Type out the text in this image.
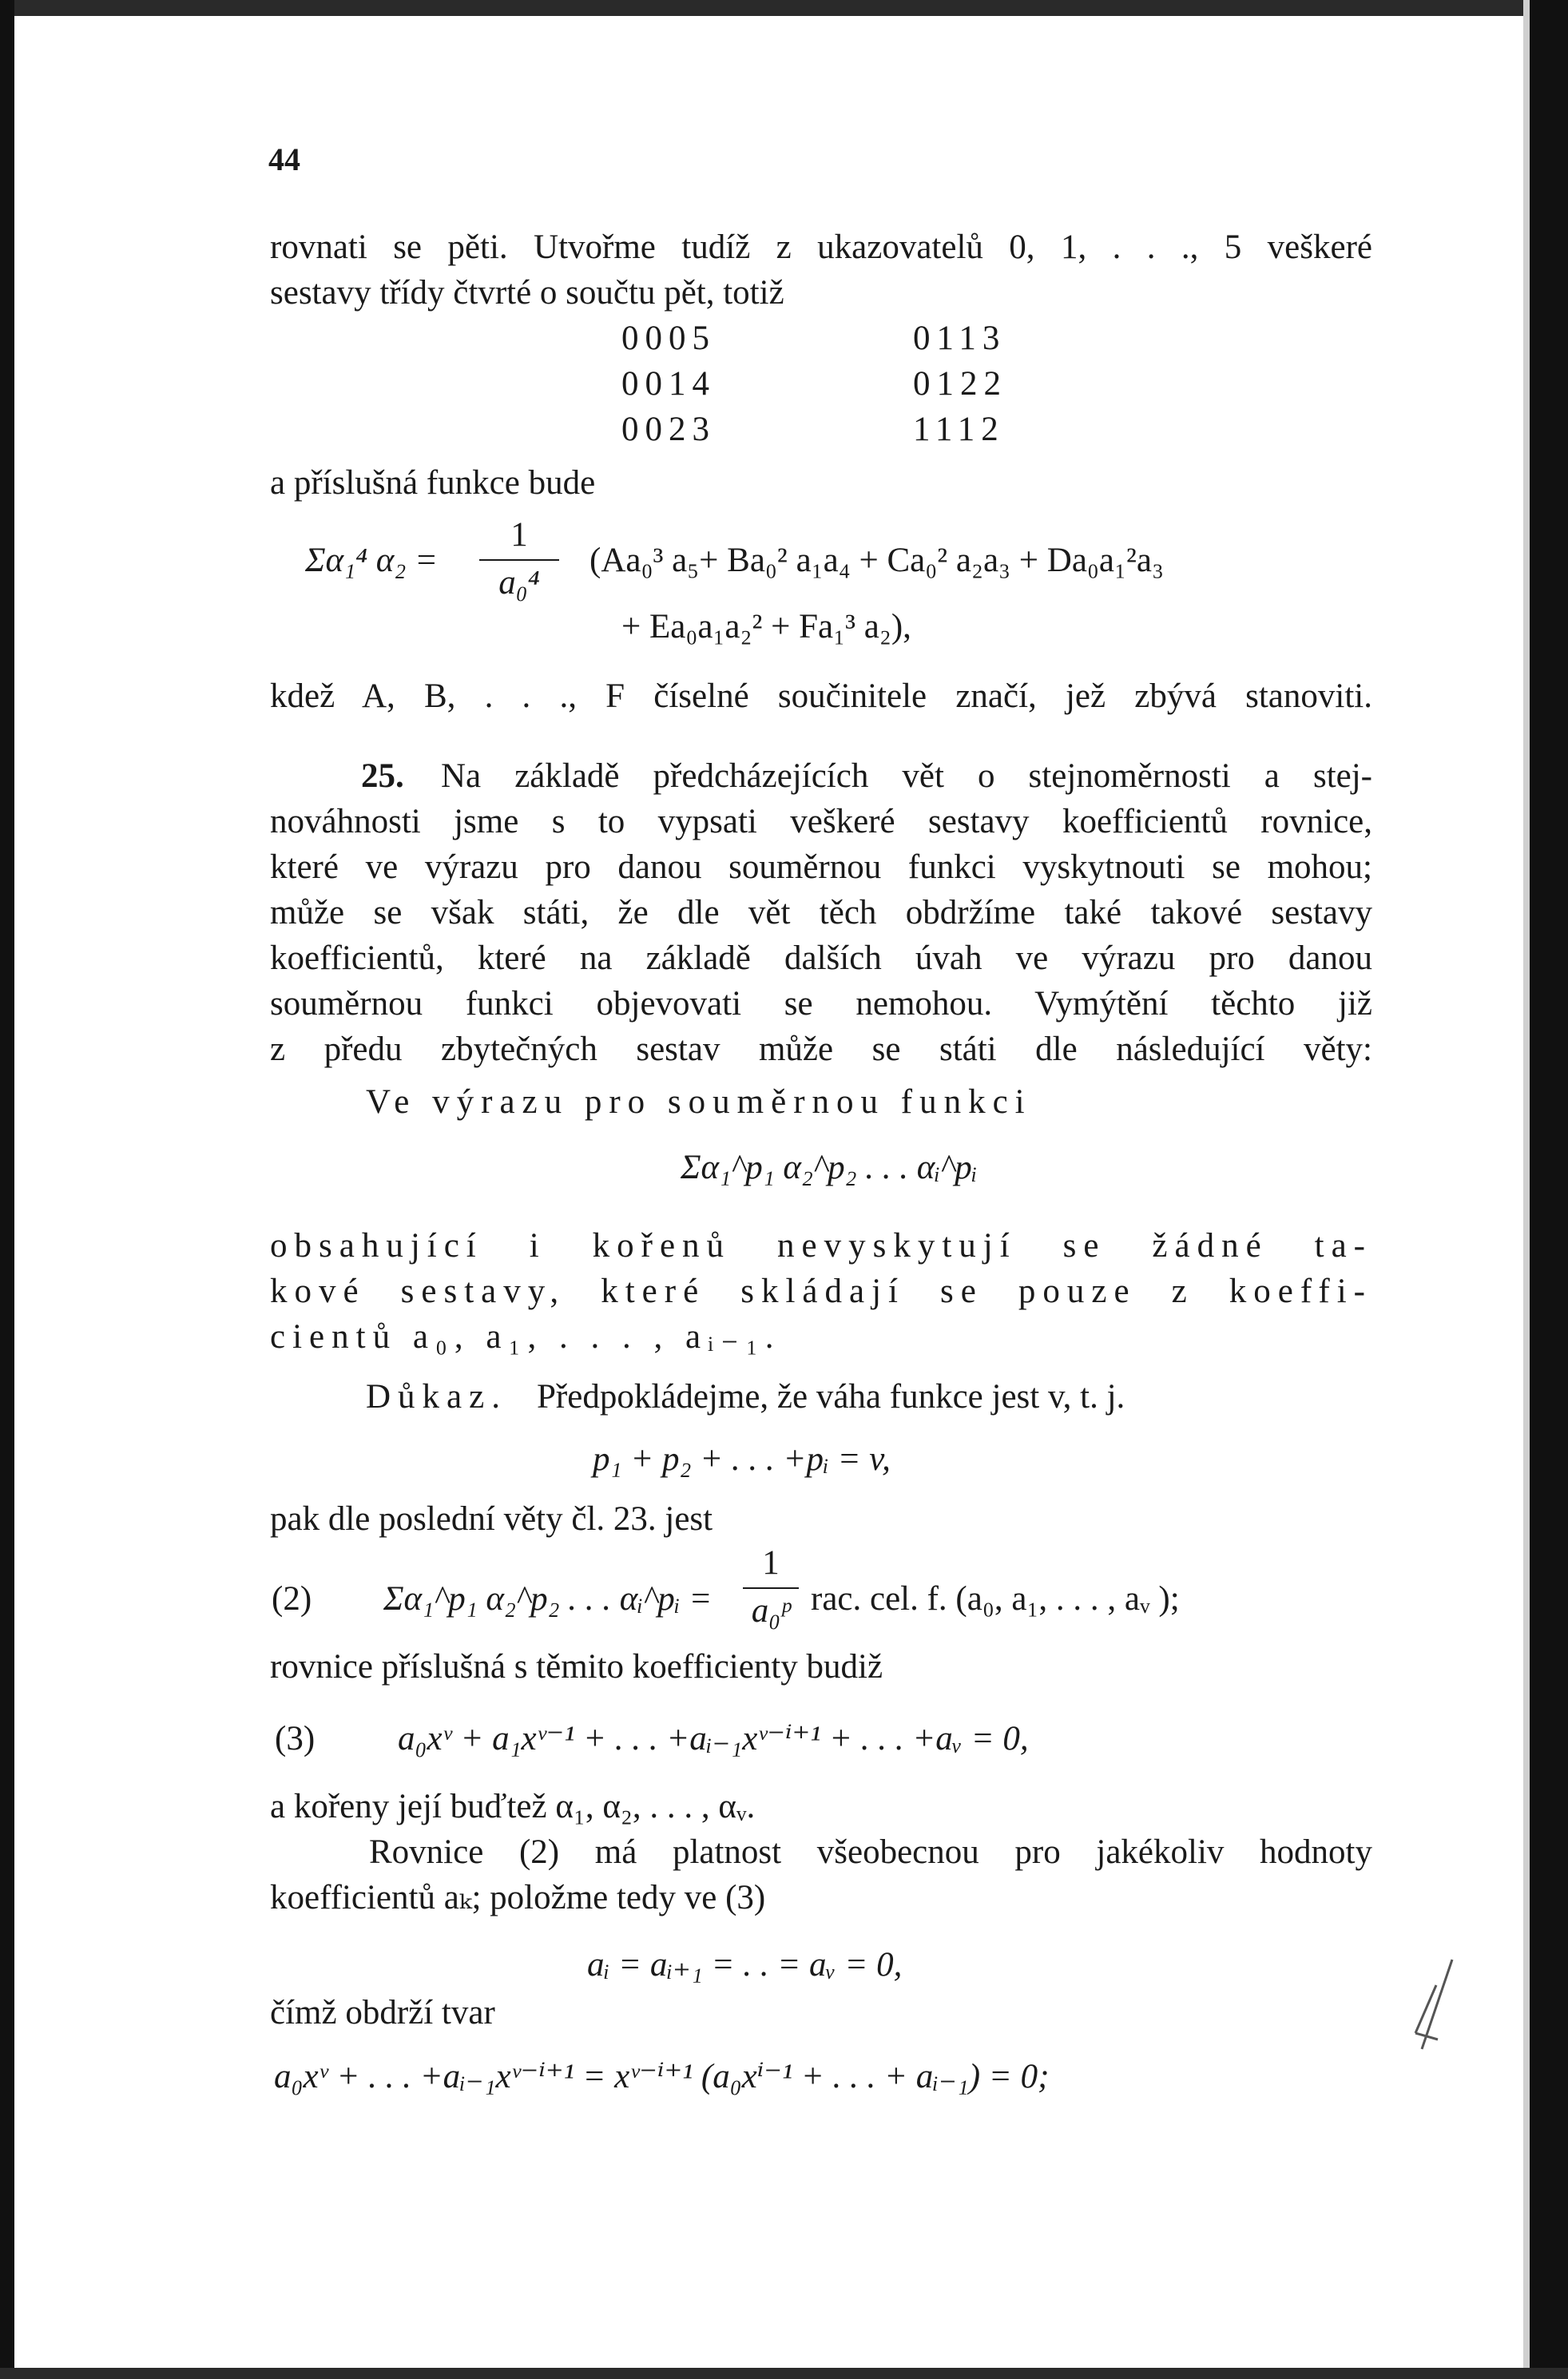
44
rovnati se pěti. Utvořme tudíž z ukazovatelů 0, 1, . . ., 5 veškeré
sestavy třídy čtvrté o součtu pět, totiž
0005
0014
0023
0113
0122
1112
a příslušná funkce bude
Σα₁⁴ α₂ =
1
a₀⁴
(Aa₀³ a₅+ Ba₀² a₁a₄ + Ca₀² a₂a₃ + Da₀a₁²a₃
+ Ea₀a₁a₂² + Fa₁³ a₂),
kdež A, B, . . ., F číselné součinitele značí, jež zbývá stanoviti.
25. Na základě předcházejících vět o stejnoměrnosti a stej-
nováhnosti jsme s to vypsati veškeré sestavy koefficientů rovnice,
které ve výrazu pro danou souměrnou funkci vyskytnouti se mohou;
může se však státi, že dle vět těch obdržíme také takové sestavy
koefficientů, které na základě dalších úvah ve výrazu pro danou
souměrnou funkci objevovati se nemohou. Vymýtění těchto již
z předu zbytečných sestav může se státi dle následující věty:
Ve výrazu pro souměrnou funkci
Σα₁^p₁ α₂^p₂ . . . αᵢ^pᵢ
obsahující i kořenů nevyskytují se žádné ta-
kové sestavy, které skládají se pouze z koeffi-
cientů a₀, a₁, . . . , aᵢ₋₁.
Důkaz. Předpokládejme, že váha funkce jest v, t. j.
p₁ + p₂ + . . . +pᵢ = v,
pak dle poslední věty čl. 23. jest
(2) Σα₁^p₁ α₂^p₂ . . . αᵢ^pᵢ =
1
a₀ᵖ rac. cel. f. (a₀, a₁, . . . , aᵥ );
rovnice příslušná s těmito koefficienty budiž
(3) a₀xᵛ + a₁xᵛ⁻¹ + . . . +aᵢ₋₁xᵛ⁻ⁱ⁺¹ + . . . +aᵥ = 0,
a kořeny její buďtež α₁, α₂, . . . , αᵥ.
Rovnice (2) má platnost všeobecnou pro jakékoliv hodnoty
koefficientů aₖ; položme tedy ve (3)
aᵢ = aᵢ₊₁ = . . = aᵥ = 0,
čímž obdrží tvar
a₀xᵛ + . . . +aᵢ₋₁xᵛ⁻ⁱ⁺¹ = xᵛ⁻ⁱ⁺¹ (a₀xⁱ⁻¹ + . . . + aᵢ₋₁) = 0;
